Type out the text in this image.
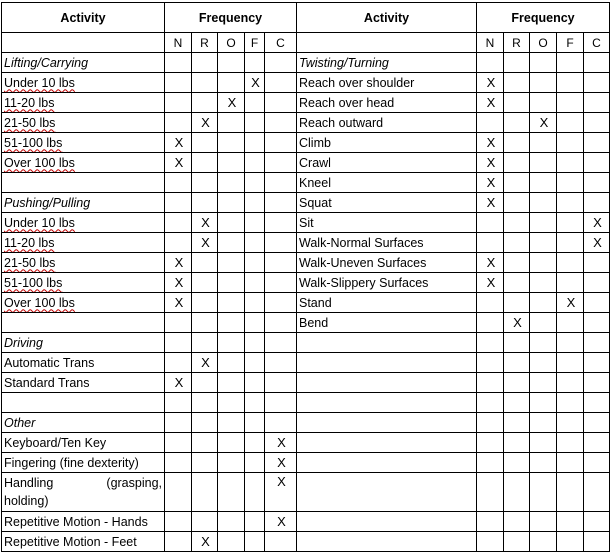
Activity	Frequency					Activity	Frequency				
	N	R	O	F	C		N	R	O	F	C
Lifting/Carrying						Twisting/Turning					
Under 10 lbs				X		Reach over shoulder	X				
11-20 lbs			X			Reach over head	X				
21-50 lbs		X				Reach outward			X		
51-100 lbs	X					Climb	X				
Over 100 lbs	X					Crawl	X				
						Kneel	X				
Pushing/Pulling						Squat	X				
Under 10 lbs		X				Sit					X
11-20 lbs		X				Walk-Normal Surfaces					X
21-50 lbs	X					Walk-Uneven Surfaces	X				
51-100 lbs	X					Walk-Slippery Surfaces	X				
Over 100 lbs	X					Stand				X	
						Bend		X			
Driving											
Automatic Trans		X									
Standard Trans	X										

Other											
Keyboard/Ten Key					X						
Fingering (fine dexterity)					X						

Handling (grasping,
holding)					X						
Repetitive Motion - Hands					X						
Repetitive Motion - Feet		X									
